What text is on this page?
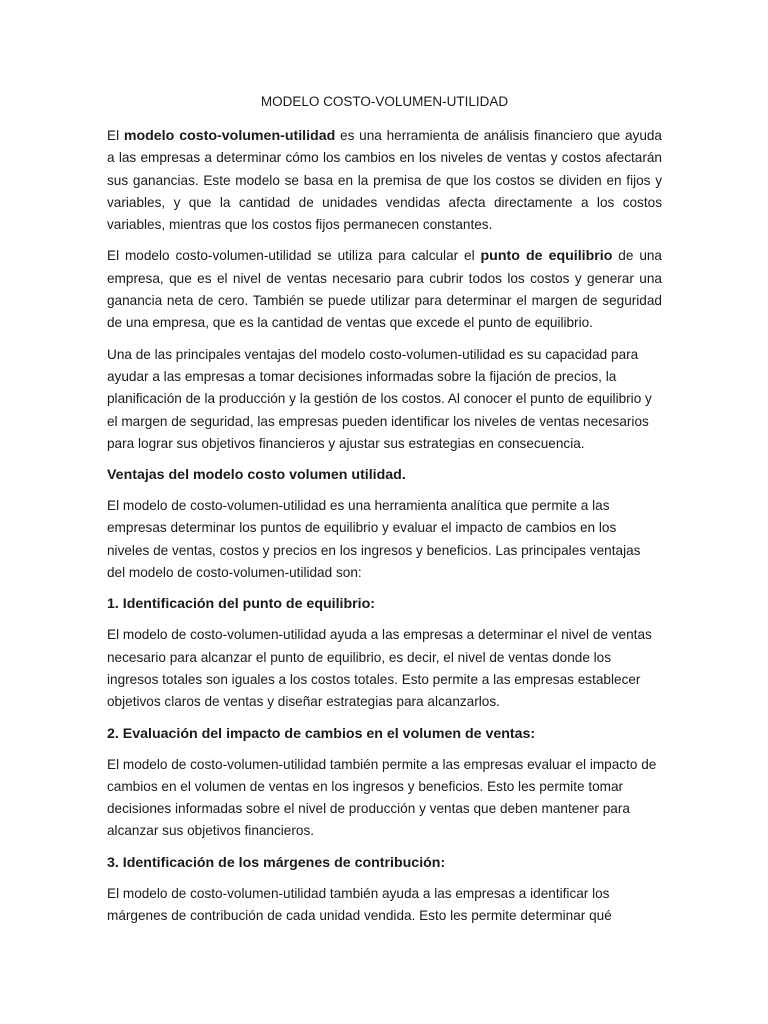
MODELO COSTO-VOLUMEN-UTILIDAD

El modelo costo-volumen-utilidad es una herramienta de análisis financiero que ayuda a las empresas a determinar cómo los cambios en los niveles de ventas y costos afectarán sus ganancias. Este modelo se basa en la premisa de que los costos se dividen en fijos y variables, y que la cantidad de unidades vendidas afecta directamente a los costos variables, mientras que los costos fijos permanecen constantes.

El modelo costo-volumen-utilidad se utiliza para calcular el punto de equilibrio de una empresa, que es el nivel de ventas necesario para cubrir todos los costos y generar una ganancia neta de cero. También se puede utilizar para determinar el margen de seguridad de una empresa, que es la cantidad de ventas que excede el punto de equilibrio.

Una de las principales ventajas del modelo costo-volumen-utilidad es su capacidad para ayudar a las empresas a tomar decisiones informadas sobre la fijación de precios, la planificación de la producción y la gestión de los costos. Al conocer el punto de equilibrio y el margen de seguridad, las empresas pueden identificar los niveles de ventas necesarios para lograr sus objetivos financieros y ajustar sus estrategias en consecuencia.

Ventajas del modelo costo volumen utilidad.

El modelo de costo-volumen-utilidad es una herramienta analítica que permite a las empresas determinar los puntos de equilibrio y evaluar el impacto de cambios en los niveles de ventas, costos y precios en los ingresos y beneficios. Las principales ventajas del modelo de costo-volumen-utilidad son:

1. Identificación del punto de equilibrio:

El modelo de costo-volumen-utilidad ayuda a las empresas a determinar el nivel de ventas necesario para alcanzar el punto de equilibrio, es decir, el nivel de ventas donde los ingresos totales son iguales a los costos totales. Esto permite a las empresas establecer objetivos claros de ventas y diseñar estrategias para alcanzarlos.

2. Evaluación del impacto de cambios en el volumen de ventas:

El modelo de costo-volumen-utilidad también permite a las empresas evaluar el impacto de cambios en el volumen de ventas en los ingresos y beneficios. Esto les permite tomar decisiones informadas sobre el nivel de producción y ventas que deben mantener para alcanzar sus objetivos financieros.

3. Identificación de los márgenes de contribución:

El modelo de costo-volumen-utilidad también ayuda a las empresas a identificar los márgenes de contribución de cada unidad vendida. Esto les permite determinar qué
